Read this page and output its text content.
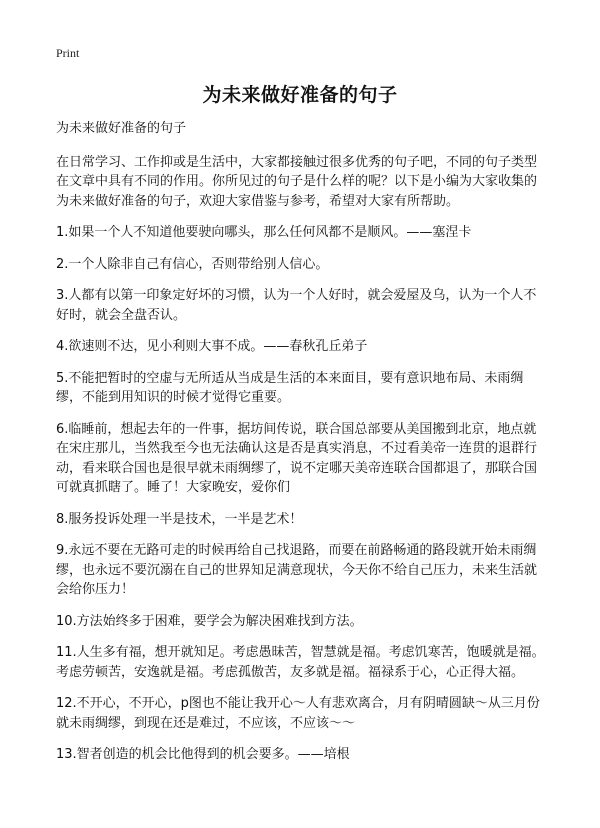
Print
为未来做好准备的句子

为未来做好准备的句子

在日常学习、工作抑或是生活中，大家都接触过很多优秀的句子吧，不同的句子类型在文章中具有不同的作用。你所见过的句子是什么样的呢？以下是小编为大家收集的为未来做好准备的句子，欢迎大家借鉴与参考，希望对大家有所帮助。

1.如果一个人不知道他要驶向哪头，那么任何风都不是顺风。——塞涅卡

2.一个人除非自己有信心，否则带给别人信心。

3.人都有以第一印象定好坏的习惯，认为一个人好时，就会爱屋及乌，认为一个人不好时，就会全盘否认。

4.欲速则不达，见小利则大事不成。——春秋孔丘弟子

5.不能把暂时的空虚与无所适从当成是生活的本来面目，要有意识地布局、未雨绸缪，不能到用知识的时候才觉得它重要。

6.临睡前，想起去年的一件事，据坊间传说，联合国总部要从美国搬到北京，地点就在宋庄那儿，当然我至今也无法确认这是否是真实消息，不过看美帝一连贯的退群行动，看来联合国也是很早就未雨绸缪了，说不定哪天美帝连联合国都退了，那联合国可就真抓瞎了。睡了！大家晚安，爱你们

8.服务投诉处理一半是技术，一半是艺术！

9.永远不要在无路可走的时候再给自己找退路，而要在前路畅通的路段就开始未雨绸缪，也永远不要沉溺在自己的世界知足满意现状，今天你不给自己压力，未来生活就会给你压力！

10.方法始终多于困难，要学会为解决困难找到方法。

11.人生多有福，想开就知足。考虑愚昧苦，智慧就是福。考虑饥寒苦，饱暖就是福。考虑劳顿苦，安逸就是福。考虑孤傲苦，友多就是福。福禄系于心，心正得大福。

12.不开心，不开心，p图也不能让我开心～人有悲欢离合，月有阴晴圆缺～从三月份就未雨绸缪，到现在还是难过，不应该，不应该～～

13.智者创造的机会比他得到的机会要多。——培根
